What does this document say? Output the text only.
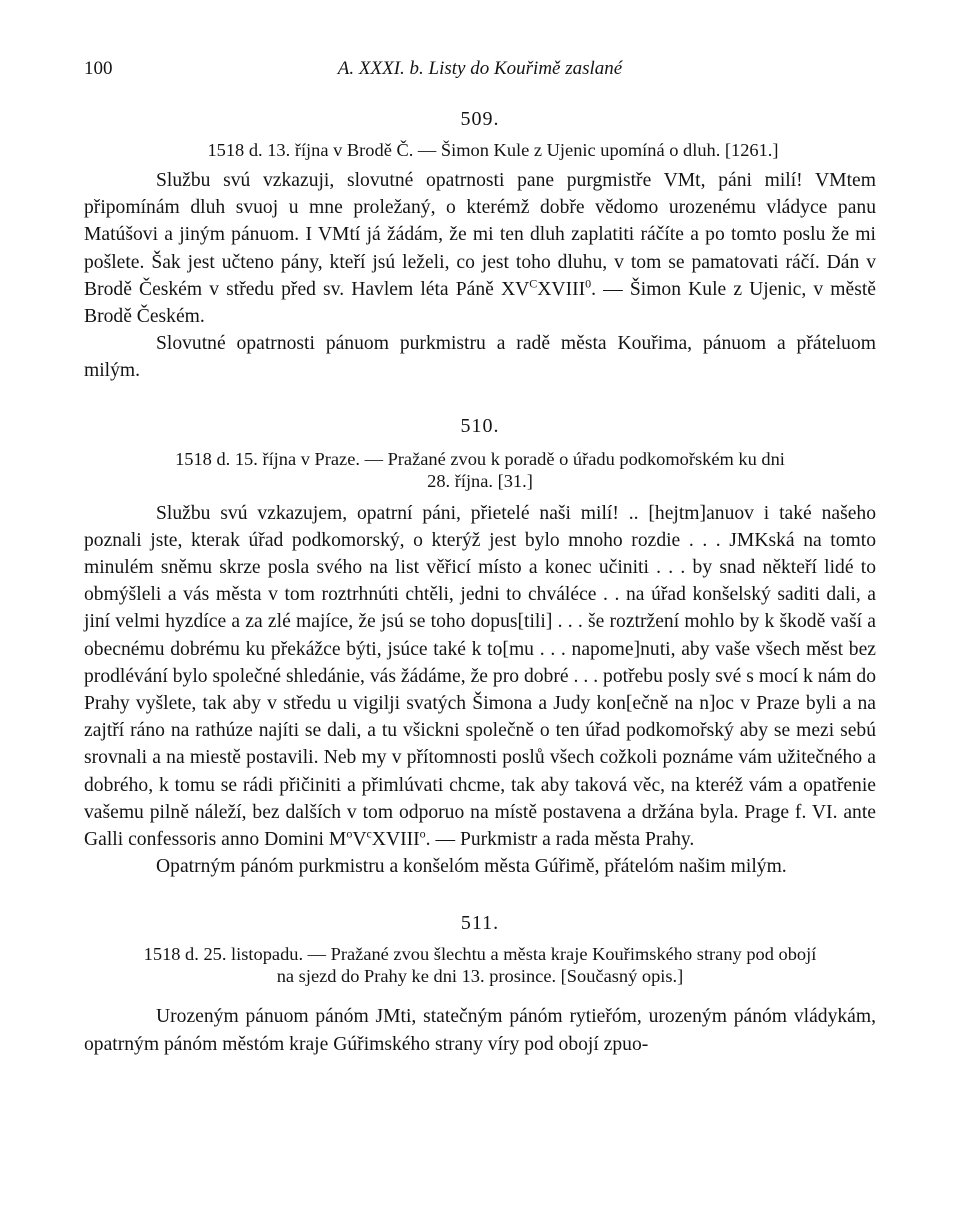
100	A. XXXI. b. Listy do Kouřimě zaslané
509.
1518 d. 13. října v Brodě Č. — Šimon Kule z Ujenic upomíná o dluh. [1261.]

Službu svú vzkazuji, slovutné opatrnosti pane purgmistře VMt, páni milí! VMtem připomínám dluh svuoj u mne proležaný, o kterémž dobře vědomo urozenému vládyce panu Matúšovi a jiným pánuom. I VMtí já žádám, že mi ten dluh zaplatiti ráčíte a po tomto poslu že mi pošlete. Šak jest učteno pány, kteří jsú leželi, co jest toho dluhu, v tom se pamatovati ráčí. Dán v Brodě Českém v středu před sv. Havlem léta Páně $XV^CXVIII^0$. — Šimon Kule z Ujenic, v městě Brodě Českém.

Slovutné opatrnosti pánuom purkmistru a radě města Kouřima, pánuom a přáteluom milým.

510.
1518 d. 15. října v Praze. — Pražané zvou k poradě o úřadu podkomořském ku dni
28. října. [31.]

Službu svú vzkazujem, opatrní páni, přietelé naši milí! .. [hejtm]anuov i také našeho poznali jste, kterak úřad podkomorský, o kterýž jest bylo mnoho rozdie . . . JMKská na tomto minulém sněmu skrze posla svého na list věřicí místo a konec učiniti . . . by snad někteří lidé to obmýšleli a vás města v tom roztrhnúti chtěli, jedni to chváléce . . na úřad konšelský saditi dali, a jiní velmi hyzdíce a za zlé majíce, že jsú se toho dopus[tili] . . . še roztržení mohlo by k škodě vaší a obecnému dobrému ku překážce býti, jsúce také k to[mu . . . napome]nuti, aby vaše všech měst bez prodlévání bylo společné shledánie, vás žádáme, že pro dobré . . . potřebu posly své s mocí k nám do Prahy vyšlete, tak aby v středu u vigilji svatých Šimona a Judy kon[ečně na n]oc v Praze byli a na zajtří ráno na rathúze najíti se dali, a tu všickni společně o ten úřad podkomořský aby se mezi sebú srovnali a na miestě postavili. Neb my v přítomnosti poslů všech cožkoli poznáme vám užitečného a dobrého, k tomu se rádi přičiniti a přimlúvati chcme, tak aby taková věc, na kteréž vám a opatřenie vašemu pilně náleží, bez dalších v tom odporuo na místě postavena a držána byla. Prage f. VI. ante Galli confessoris anno Domini $M^oV^cXVIII^o$. — Purkmistr a rada města Prahy.

Opatrným pánóm purkmistru a konšelóm města Gúřimě, přátelóm našim milým.

511.
1518 d. 25. listopadu. — Pražané zvou šlechtu a města kraje Kouřimského strany pod obojí
na sjezd do Prahy ke dni 13. prosince. [Současný opis.]

Urozeným pánuom pánóm JMti, statečným pánóm rytieřóm, urozeným pánóm vládykám, opatrným pánóm městóm kraje Gúřimského strany víry pod obojí zpuo-
